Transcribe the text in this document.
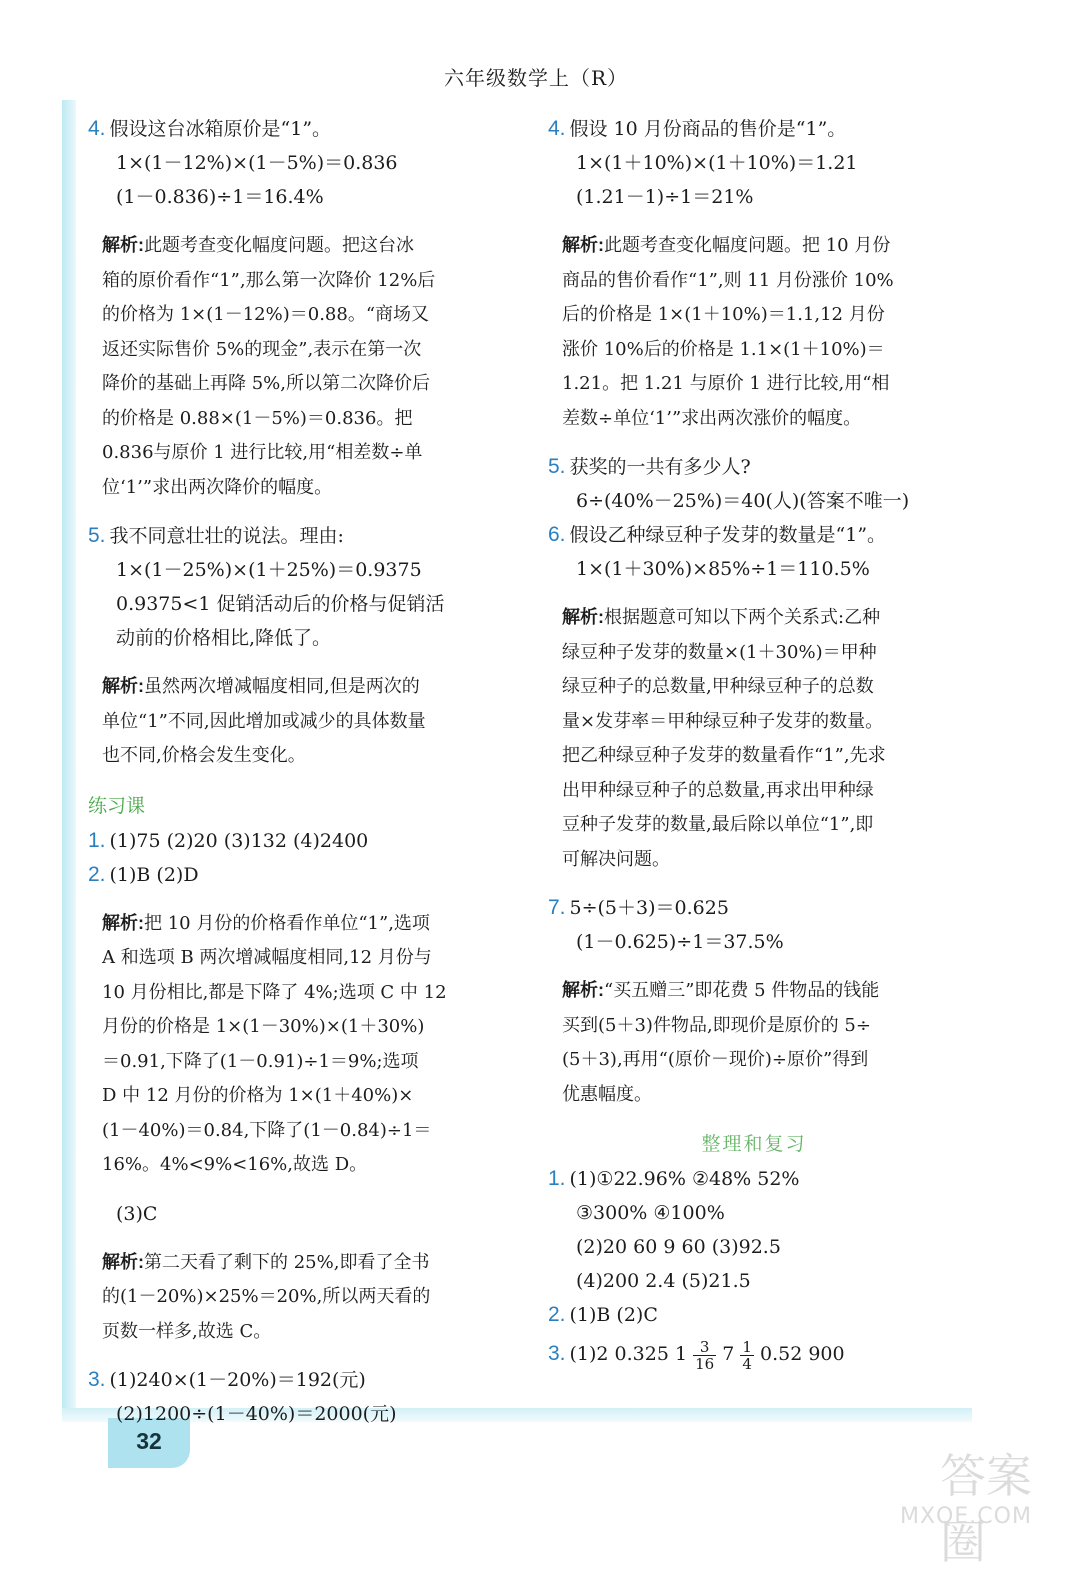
六年级数学上（R）
32
4. 假设这台冰箱原价是“1”。
1×(1－12%)×(1－5%)＝0.836
(1－0.836)÷1＝16.4%
解析:此题考查变化幅度问题。把这台冰
箱的原价看作“1”,那么第一次降价 12%后
的价格为 1×(1－12%)＝0.88。“商场又
返还实际售价 5%的现金”,表示在第一次
降价的基础上再降 5%,所以第二次降价后
的价格是 0.88×(1－5%)＝0.836。把
0.836与原价 1 进行比较,用“相差数÷单
位‘1’”求出两次降价的幅度。
5. 我不同意壮壮的说法。理由:
1×(1－25%)×(1＋25%)＝0.9375
0.9375<1 促销活动后的价格与促销活
动前的价格相比,降低了。
解析:虽然两次增减幅度相同,但是两次的
单位“1”不同,因此增加或减少的具体数量
也不同,价格会发生变化。
练习课
1. (1)75 (2)20 (3)132 (4)2400
2. (1)B (2)D
解析:把 10 月份的价格看作单位“1”,选项
A 和选项 B 两次增减幅度相同,12 月份与
10 月份相比,都是下降了 4%;选项 C 中 12
月份的价格是 1×(1－30%)×(1＋30%)
＝0.91,下降了(1－0.91)÷1＝9%;选项
D 中 12 月份的价格为 1×(1＋40%)×
(1－40%)＝0.84,下降了(1－0.84)÷1＝
16%。4%<9%<16%,故选 D。
(3)C
解析:第二天看了剩下的 25%,即看了全书
的(1－20%)×25%＝20%,所以两天看的
页数一样多,故选 C。
3. (1)240×(1－20%)＝192(元)
(2)1200÷(1－40%)＝2000(元)
4. 假设 10 月份商品的售价是“1”。
1×(1＋10%)×(1＋10%)＝1.21
(1.21－1)÷1＝21%
解析:此题考查变化幅度问题。把 10 月份
商品的售价看作“1”,则 11 月份涨价 10%
后的价格是 1×(1＋10%)＝1.1,12 月份
涨价 10%后的价格是 1.1×(1＋10%)＝
1.21。把 1.21 与原价 1 进行比较,用“相
差数÷单位‘1’”求出两次涨价的幅度。
5. 获奖的一共有多少人?
6÷(40%－25%)＝40(人)(答案不唯一)
6. 假设乙种绿豆种子发芽的数量是“1”。
1×(1＋30%)×85%÷1＝110.5%
解析:根据题意可知以下两个关系式:乙种
绿豆种子发芽的数量×(1＋30%)＝甲种
绿豆种子的总数量,甲种绿豆种子的总数
量×发芽率＝甲种绿豆种子发芽的数量。
把乙种绿豆种子发芽的数量看作“1”,先求
出甲种绿豆种子的总数量,再求出甲种绿
豆种子发芽的数量,最后除以单位“1”,即
可解决问题。
7. 5÷(5＋3)＝0.625
(1－0.625)÷1＝37.5%
解析:“买五赠三”即花费 5 件物品的钱能
买到(5＋3)件物品,即现价是原价的 5÷
(5＋3),再用“(原价－现价)÷原价”得到
优惠幅度。
整理和复习
1. (1)①22.96% ②48% 52%
③300% ④100%
(2)20 60 9 60 (3)92.5
(4)200 2.4 (5)21.5
2. (1)B (2)C
3. (1)2 0.325 $1 \frac{3}{16} 7 \frac{1}{4} 0.52$ 900
答案圈
MXQE.COM
